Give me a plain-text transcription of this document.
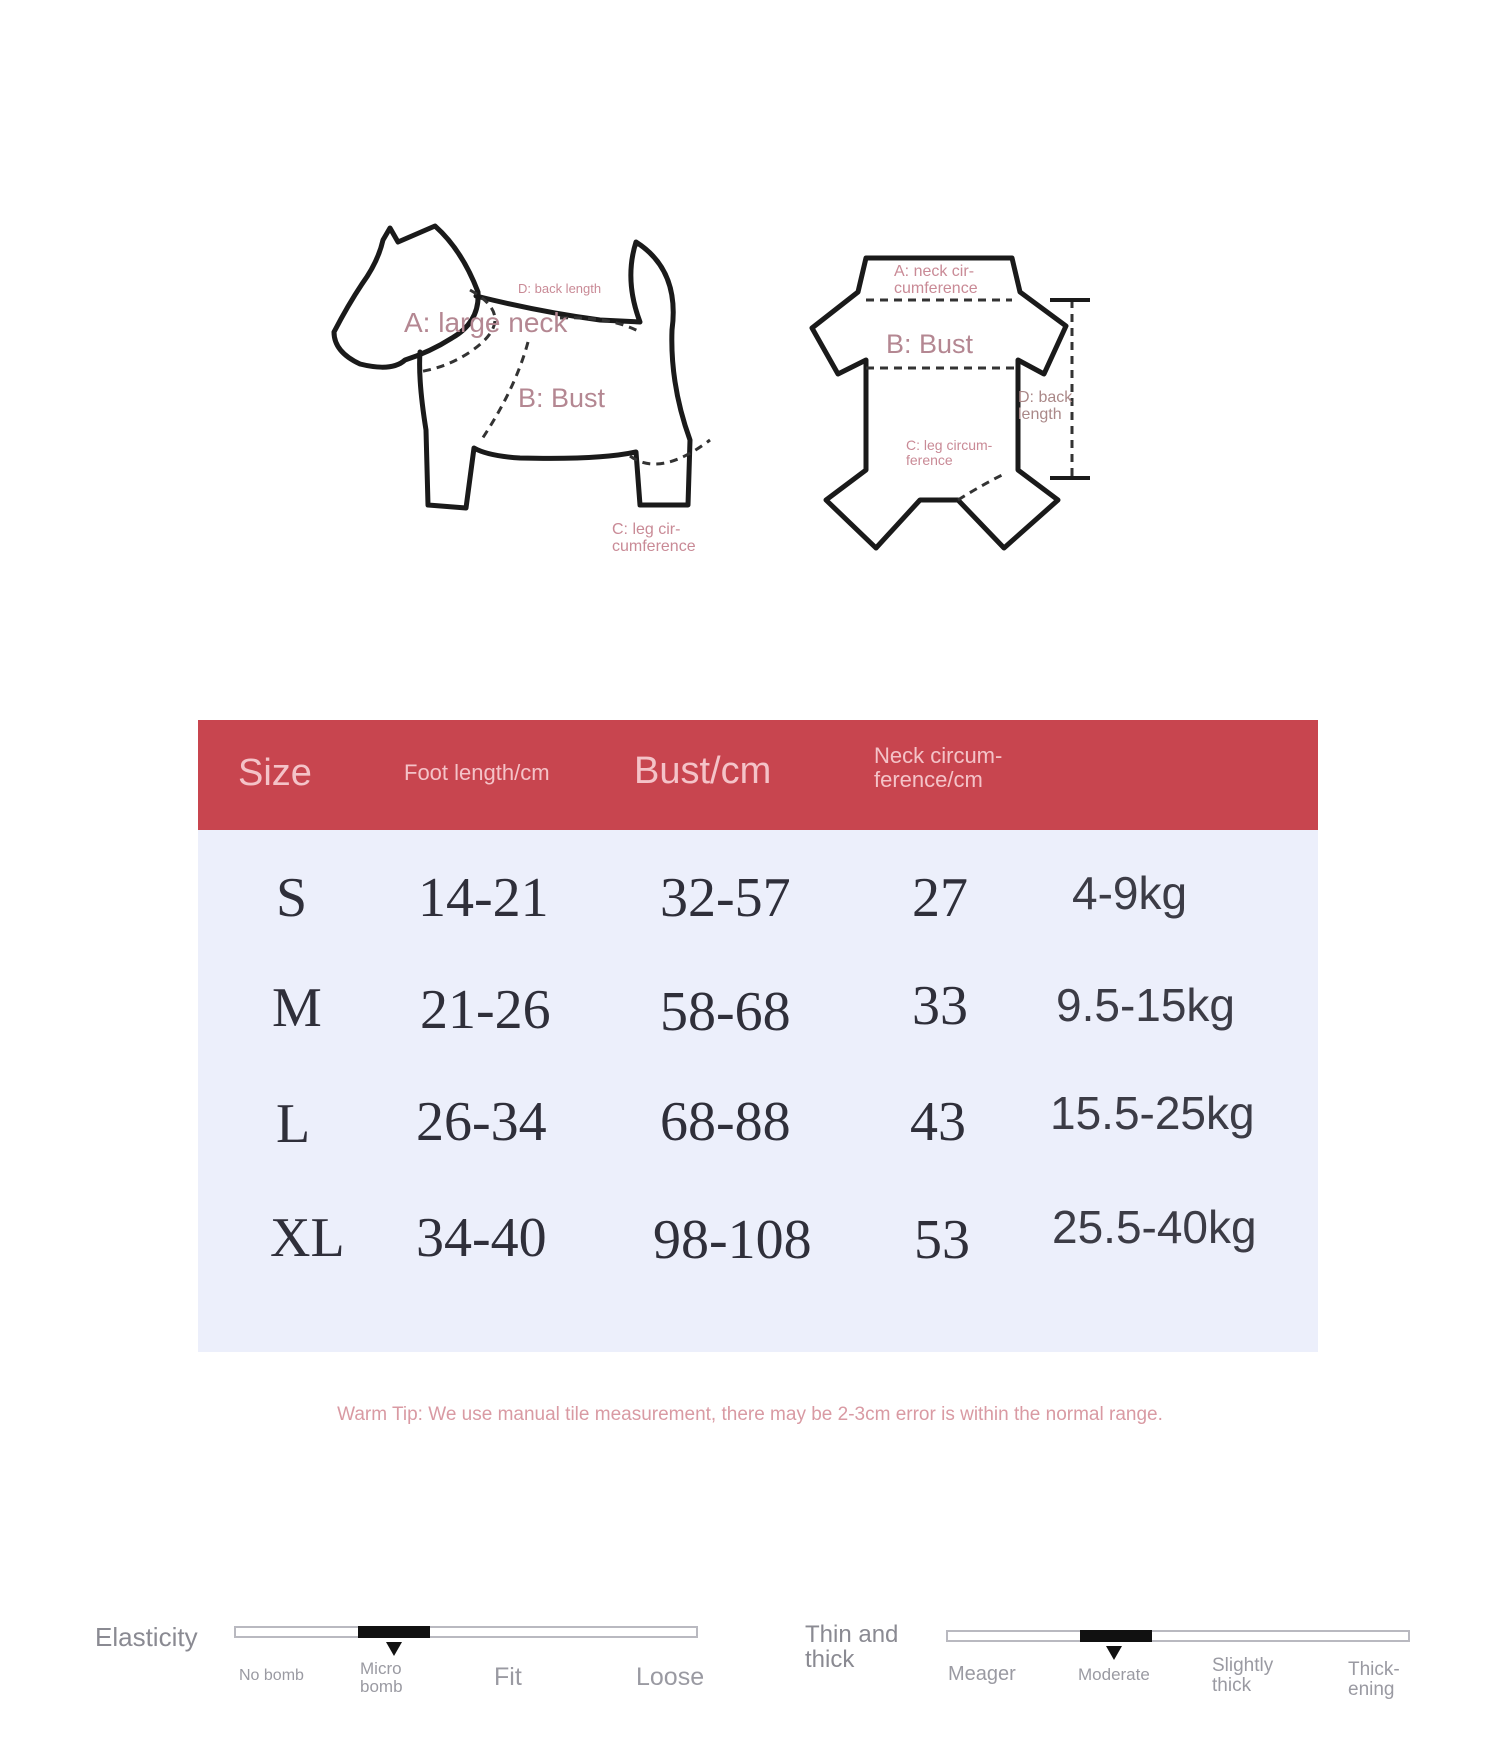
A: large neck
D: back length
B: Bust
C: leg cir-
cumference
A: neck cir-
cumference
B: Bust
D: back
length
C: leg circum-
ference
Size	Foot length/cm Bust/cm	Neck circum-
ference/cm
S 14-21 32-57 27 4-9kg
M 21-26 58-68 33 9.5-15kg
L 26-34 68-88 43 15.5-25kg
XL 34-40 98-108 53 25.5-40kg
Warm Tip: We use manual tile measurement, there may be 2-3cm error is within the normal range.
Elasticity
No bomb	Micro
bomb	Fit	Loose
Thin and
thick
Meager	Moderate	Slightly
thick
Thick-
ening
